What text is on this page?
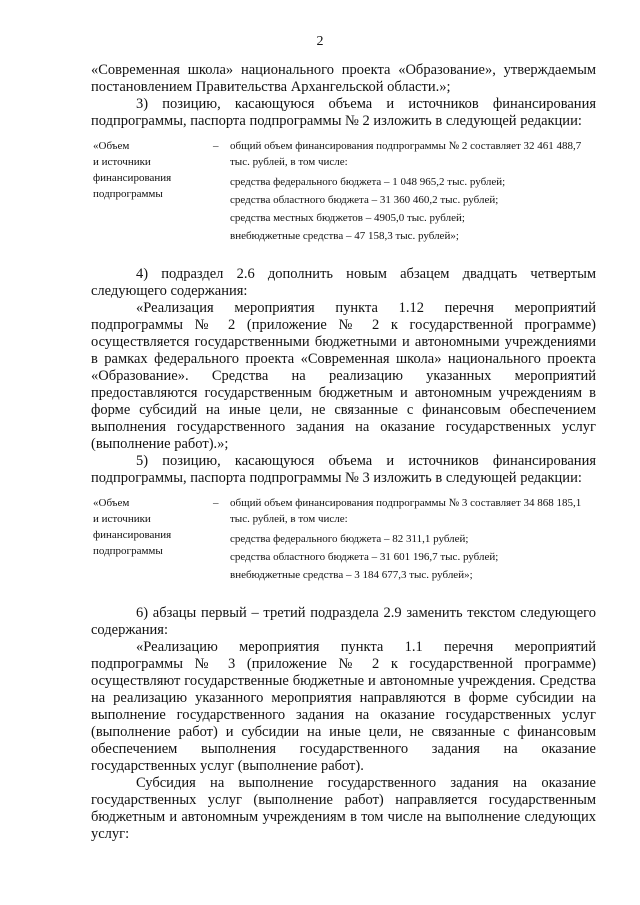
2

«Современная школа» национального проекта «Образование», утверждаемым постановлением Правительства Архангельской области.»;

3) позицию, касающуюся объема и источников финансирования подпрограммы, паспорта подпрограммы № 2 изложить в следующей редакции:

«Объем
и источники
финансирования
подпрограммы
–	общий объем финансирования подпрограммы № 2 составляет 32 461 488,7 тыс. рублей, в том числе:
средства федерального бюджета – 1 048 965,2 тыс. рублей;
средства областного бюджета – 31 360 460,2 тыс. рублей;
средства местных бюджетов – 4905,0 тыс. рублей;
внебюджетные средства – 47 158,3 тыс. рублей»;

4) подраздел 2.6 дополнить новым абзацем двадцать четвертым следующего содержания:

«Реализация мероприятия пункта 1.12 перечня мероприятий подпрограммы № 2 (приложение № 2 к государственной программе) осуществляется государственными бюджетными и автономными учреждениями в рамках федерального проекта «Современная школа» национального проекта «Образование». Средства на реализацию указанных мероприятий предоставляются государственным бюджетным и автономным учреждениям в форме субсидий на иные цели, не связанные с финансовым обеспечением выполнения государственного задания на оказание государственных услуг (выполнение работ).»;

5) позицию, касающуюся объема и источников финансирования подпрограммы, паспорта подпрограммы № 3 изложить в следующей редакции:

«Объем
и источники
финансирования
подпрограммы
–	общий объем финансирования подпрограммы № 3 составляет 34 868 185,1 тыс. рублей, в том числе:
средства федерального бюджета – 82 311,1 рублей;
средства областного бюджета – 31 601 196,7 тыс. рублей;
внебюджетные средства – 3 184 677,3 тыс. рублей»;

6) абзацы первый – третий подраздела 2.9 заменить текстом следующего содержания:

«Реализацию мероприятия пункта 1.1 перечня мероприятий подпрограммы № 3 (приложение № 2 к государственной программе) осуществляют государственные бюджетные и автономные учреждения. Средства на реализацию указанного мероприятия направляются в форме субсидии на выполнение государственного задания на оказание государственных услуг (выполнение работ) и субсидии на иные цели, не связанные с финансовым обеспечением выполнения государственного задания на оказание государственных услуг (выполнение работ).

Субсидия на выполнение государственного задания на оказание государственных услуг (выполнение работ) направляется государственным бюджетным и автономным учреждениям в том числе на выполнение следующих услуг:
